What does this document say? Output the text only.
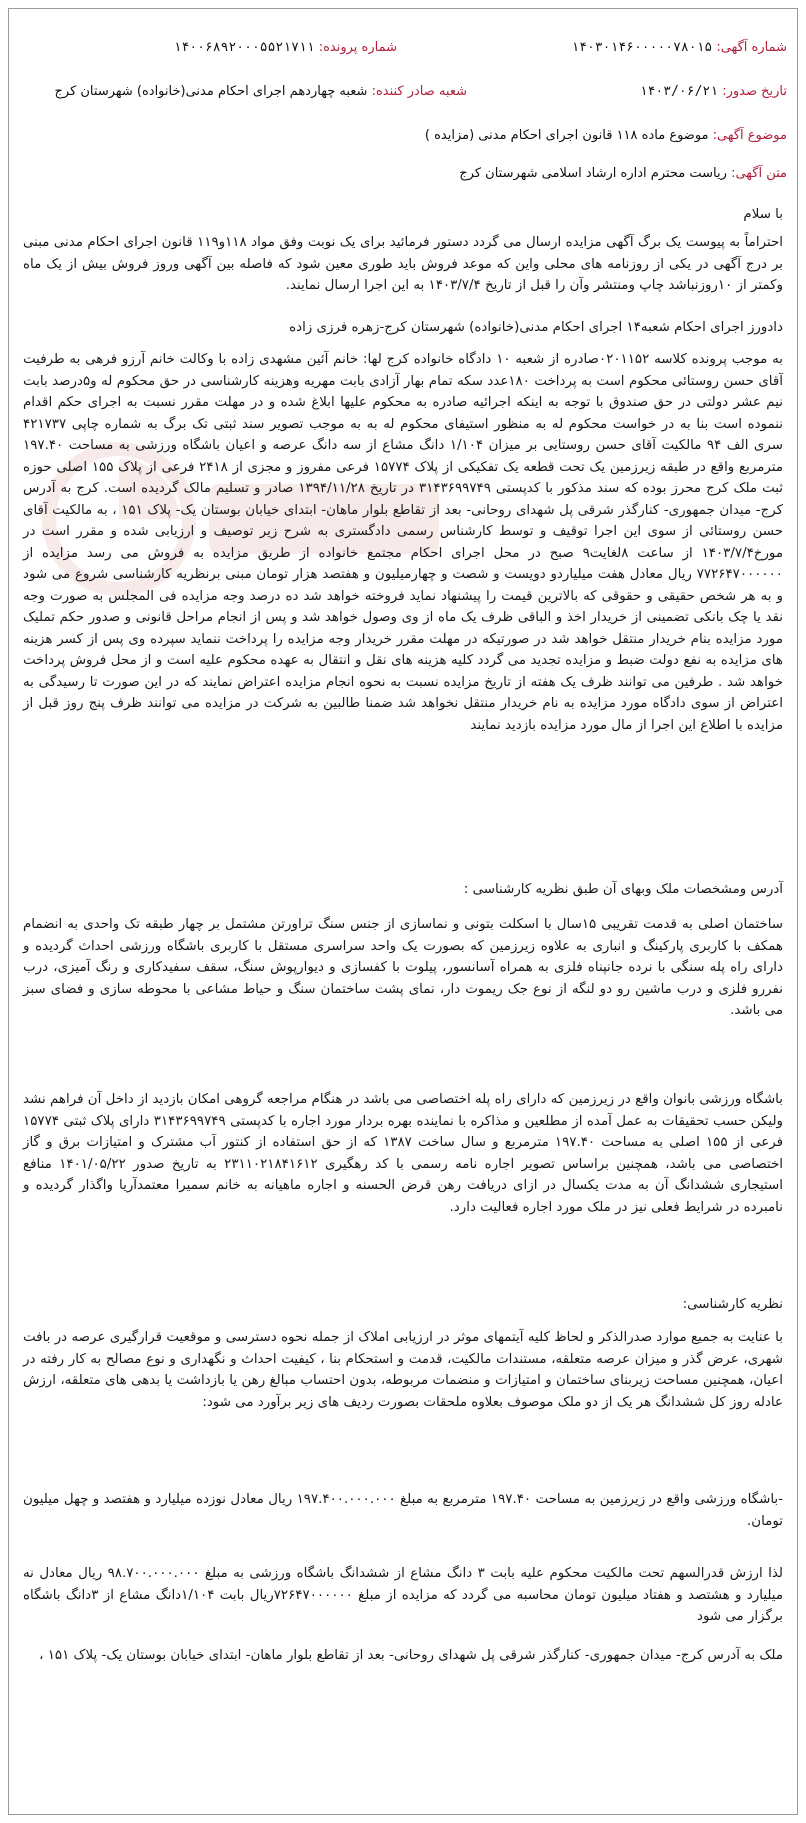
شماره آگهی: ۱۴۰۳۰۱۴۶۰۰۰۰۰۷۸۰۱۵
شماره پرونده: ۱۴۰۰۶۸۹۲۰۰۰۵۵۲۱۷۱۱
تاریخ صدور: ۱۴۰۳/۰۶/۲۱
شعبه صادر کننده: شعبه چهاردهم اجرای احکام مدنی(خانواده) شهرستان کرج
موضوع آگهی: موضوع ماده ۱۱۸ قانون اجرای احکام مدنی (مزایده )
متن آگهی: ریاست محترم اداره ارشاد اسلامی شهرستان کرج
با سلام
احتراماً به پیوست یک برگ آگهی مزایده ارسال می گردد دستور فرمائید برای یک نوبت وفق مواد ۱۱۸و۱۱۹ قانون اجرای احکام مدنی مبنی بر درج آگهی در یکی از روزنامه های محلی واین که موعد فروش باید طوری معین شود که فاصله بین آگهی وروز فروش بیش از یک ماه وکمتر از ۱۰روزنباشد چاپ ومنتشر وآن را قبل از تاریخ ۱۴۰۳/۷/۴ به این اجرا ارسال نمایند.
دادورز اجرای احکام شعبه۱۴ اجرای احکام مدنی(خانواده) شهرستان کرج-زهره فرزی زاده
به موجب پرونده کلاسه ۰۲۰۱۱۵۲صادره از شعبه ۱۰ دادگاه خانواده کرج لها: خانم آئین مشهدی زاده با وکالت خانم آرزو فرهی به طرفیت آقای حسن روستائی محکوم است به پرداخت ۱۸۰عدد سکه تمام بهار آزادی بابت مهریه وهزینه کارشناسی در حق محکوم له و۵درصد بابت نیم عشر دولتی در حق صندوق با توجه به اینکه اجرائیه صادره به محکوم علیها ابلاغ شده و در مهلت مقرر نسبت به اجرای حکم اقدام ننموده است بنا به در خواست محکوم له به منظور استیفای محکوم له به به موجب تصویر سند ثبتی تک برگ به شماره چاپی ۴۲۱۷۳۷ سری الف ۹۴ مالکیت آقای حسن روستایی بر میزان ۱/۱۰۴ دانگ مشاع از سه دانگ عرصه و اعیان باشگاه ورزشی به مساحت ۱۹۷.۴۰ مترمربع واقع در طبقه زیرزمین یک تحت قطعه یک تفکیکی از پلاک ۱۵۷۷۴ فرعی مفروز و مجزی از ۲۴۱۸ فرعی از پلاک ۱۵۵ اصلی حوزه ثبت ملک کرج محرز بوده که سند مذکور با کدپستی ۳۱۴۳۶۹۹۷۴۹ در تاریخ ۱۳۹۴/۱۱/۲۸ صادر و تسلیم مالک گردیده است. کرج به آدرس کرج- میدان جمهوری- کنارگذر شرقی پل شهدای روحانی- بعد از تقاطع بلوار ماهان- ابتدای خیابان بوستان یک- پلاک ۱۵۱ ، به مالکیت آقای حسن روستائی از سوی این اجرا توقیف و توسط کارشناس رسمی دادگستری به شرح زیر توصیف و ارزیابی شده و مقرر است در مورخ۱۴۰۳/۷/۴ از ساعت ۸لغایت۹ صبح در محل اجرای احکام مجتمع خانواده از طریق مزایده به فروش می رسد مزایده از ۷۷۲۶۴۷۰۰۰۰۰۰ ریال معادل هفت میلیاردو دویست و شصت و چهارمیلیون و هفتصد هزار تومان مبنی برنظریه کارشناسی شروع می شود و به هر شخص حقیقی و حقوقی که بالاترین قیمت را پیشنهاد نماید فروخته خواهد شد ده درصد وجه مزایده فی المجلس به صورت وجه نقد یا چک بانکی تضمینی از خریدار اخذ و الباقی ظرف یک ماه از وی وصول خواهد شد و پس از انجام مراحل قانونی و صدور حکم تملیک مورد مزایده بنام خریدار منتقل خواهد شد در صورتیکه در مهلت مقرر خریدار وجه مزایده را پرداخت ننماید سپرده وی پس از کسر هزینه های مزایده به نفع دولت ضبط و مزایده تجدید می گردد کلیه هزینه های نقل و انتقال به عهده محکوم علیه است و از محل فروش پرداخت خواهد شد . طرفین می توانند ظرف یک هفته از تاریخ مزایده نسبت به نحوه انجام مزایده اعتراض نمایند که در این صورت تا رسیدگی به اعتراض از سوی دادگاه مورد مزایده به نام خریدار منتقل نخواهد شد ضمنا طالبین به شرکت در مزایده می توانند ظرف پنج روز قبل از مزایده با اطلاع این اجرا از مال مورد مزایده بازدید نمایند
آدرس ومشخصات ملک وبهای آن طبق نظریه کارشناسی :
ساختمان اصلی به قدمت تقریبی ۱۵سال با اسکلت بتونی و نماسازی از جنس سنگ تراورتن مشتمل بر چهار طبقه تک واحدی به انضمام همکف با کاربری پارکینگ و انباری به علاوه زیرزمین که بصورت یک واحد سراسری مستقل با کاربری باشگاه ورزشی احداث گردیده و دارای راه پله سنگی با نرده جانپناه فلزی به همراه آسانسور، پیلوت با کفسازی و دیوارپوش سنگ، سقف سفیدکاری و رنگ آمیزی، درب نفررو فلزی و درب ماشین رو دو لنگه از نوع جک ریموت دار، نمای پشت ساختمان سنگ و حیاط مشاعی با محوطه سازی و فضای سبز می باشد.
باشگاه ورزشی بانوان واقع در زیرزمین که دارای راه پله اختصاصی می باشد در هنگام مراجعه گروهی امکان بازدید از داخل آن فراهم نشد ولیکن حسب تحقیقات به عمل آمده از مطلعین و مذاکره با نماینده بهره بردار مورد اجاره با کدپستی ۳۱۴۳۶۹۹۷۴۹ دارای پلاک ثبتی ۱۵۷۷۴ فرعی از ۱۵۵ اصلی به مساحت ۱۹۷.۴۰ مترمربع و سال ساخت ۱۳۸۷ که از حق استفاده از کنتور آب مشترک و امتیازات برق و گاز اختصاصی می باشد، همچنین براساس تصویر اجاره نامه رسمی با کد رهگیری ۲۳۱۱۰۲۱۸۴۱۶۱۲ به تاریخ صدور ۱۴۰۱/۰۵/۲۲ منافع استیجاری ششدانگ آن به مدت یکسال در ازای دریافت رهن قرض الحسنه و اجاره ماهیانه به خانم سمیرا معتمدآریا واگذار گردیده و نامبرده در شرایط فعلی نیز در ملک مورد اجاره فعالیت دارد.
نظریه کارشناسی:
با عنایت به جمیع موارد صدرالذکر و لحاظ کلیه آیتمهای موثر در ارزیابی املاک از جمله نحوه دسترسی و موقعیت قرارگیری عرصه در بافت شهری، عرض گذر و میزان عرصه متعلقه، مستندات مالکیت، قدمت و استحکام بنا ، کیفیت احداث و نگهداری و نوع مصالح به کار رفته در اعیان، همچنین مساحت زیربنای ساختمان و امتیازات و منضمات مربوطه، بدون احتساب مبالغ رهن یا بازداشت یا بدهی های متعلقه، ارزش عادله روز کل ششدانگ هر یک از دو ملک موصوف بعلاوه ملحقات بصورت ردیف های زیر برآورد می شود:
-باشگاه ورزشی واقع در زیرزمین به مساحت ۱۹۷.۴۰ مترمربع به مبلغ ۱۹۷.۴۰۰.۰۰۰.۰۰۰ ریال معادل نوزده میلیارد و هفتصد و چهل میلیون تومان.
لذا ارزش قدرالسهم تحت مالکیت محکوم علیه بابت ۳ دانگ مشاع از ششدانگ باشگاه ورزشی به مبلغ ۹۸.۷۰۰.۰۰۰.۰۰۰ ریال معادل نه میلیارد و هشتصد و هفتاد میلیون تومان محاسبه می گردد که مزایده از مبلغ ۷۲۶۴۷۰۰۰۰۰۰ریال بابت ۱/۱۰۴دانگ مشاع از ۳دانگ باشگاه برگزار می شود
ملک به آدرس کرج- میدان جمهوری- کنارگذر شرقی پل شهدای روحانی- بعد از تقاطع بلوار ماهان- ابتدای خیابان بوستان یک- پلاک ۱۵۱ ،
